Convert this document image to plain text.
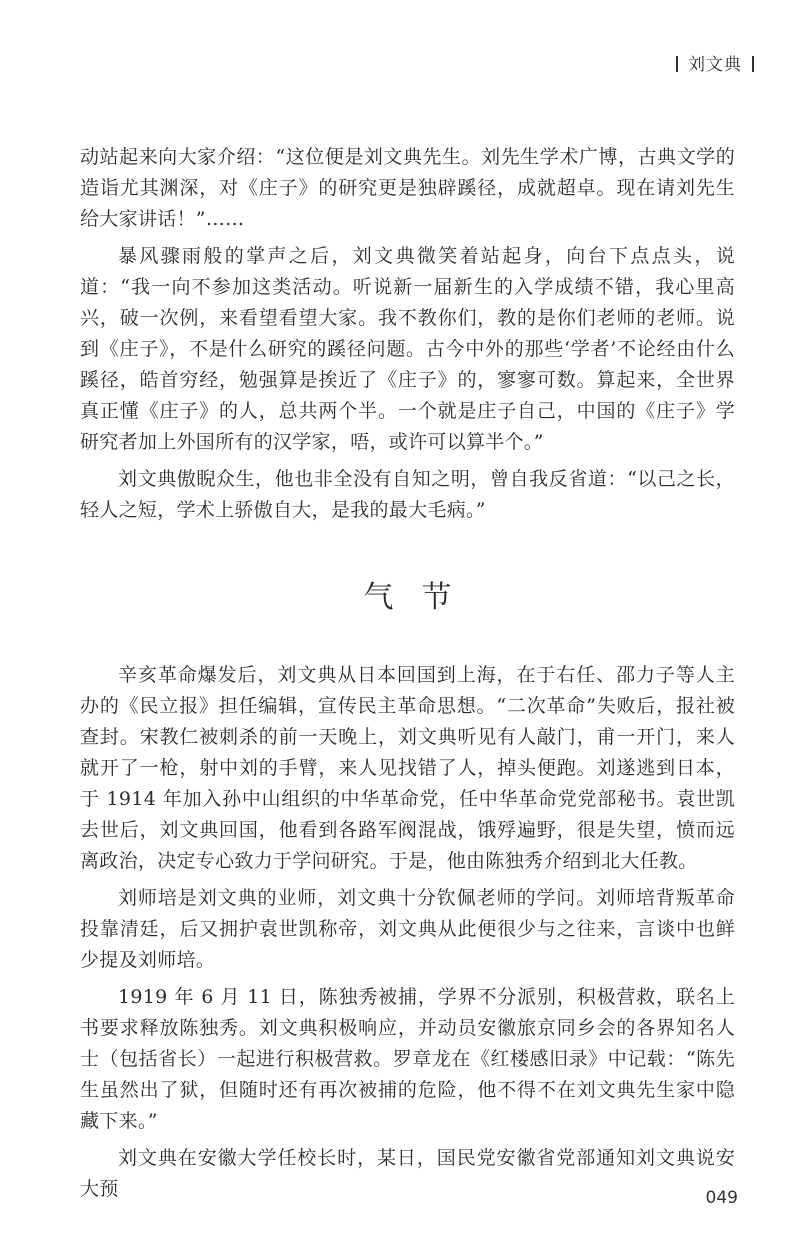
刘文典

动站起来向大家介绍：“这位便是刘文典先生。刘先生学术广博，古典文学的造诣尤其渊深，对《庄子》的研究更是独辟蹊径，成就超卓。现在请刘先生给大家讲话！”……

暴风骤雨般的掌声之后，刘文典微笑着站起身，向台下点点头，说道：“我一向不参加这类活动。听说新一届新生的入学成绩不错，我心里高兴，破一次例，来看望看望大家。我不教你们，教的是你们老师的老师。说到《庄子》，不是什么研究的蹊径问题。古今中外的那些‘学者’不论经由什么蹊径，皓首穷经，勉强算是挨近了《庄子》的，寥寥可数。算起来，全世界真正懂《庄子》的人，总共两个半。一个就是庄子自己，中国的《庄子》学研究者加上外国所有的汉学家，唔，或许可以算半个。”

刘文典傲睨众生，他也非全没有自知之明，曾自我反省道：“以己之长，轻人之短，学术上骄傲自大，是我的最大毛病。”

气节

辛亥革命爆发后，刘文典从日本回国到上海，在于右任、邵力子等人主办的《民立报》担任编辑，宣传民主革命思想。“二次革命”失败后，报社被查封。宋教仁被刺杀的前一天晚上，刘文典听见有人敲门，甫一开门，来人就开了一枪，射中刘的手臂，来人见找错了人，掉头便跑。刘遂逃到日本，于 1914 年加入孙中山组织的中华革命党，任中华革命党党部秘书。袁世凯去世后，刘文典回国，他看到各路军阀混战，饿殍遍野，很是失望，愤而远离政治，决定专心致力于学问研究。于是，他由陈独秀介绍到北大任教。

刘师培是刘文典的业师，刘文典十分钦佩老师的学问。刘师培背叛革命投靠清廷，后又拥护袁世凯称帝，刘文典从此便很少与之往来，言谈中也鲜少提及刘师培。

1919 年 6 月 11 日，陈独秀被捕，学界不分派别，积极营救，联名上书要求释放陈独秀。刘文典积极响应，并动员安徽旅京同乡会的各界知名人士（包括省长）一起进行积极营救。罗章龙在《红楼感旧录》中记载：“陈先生虽然出了狱，但随时还有再次被捕的危险，他不得不在刘文典先生家中隐藏下来。”

刘文典在安徽大学任校长时，某日，国民党安徽省党部通知刘文典说安大预	049
